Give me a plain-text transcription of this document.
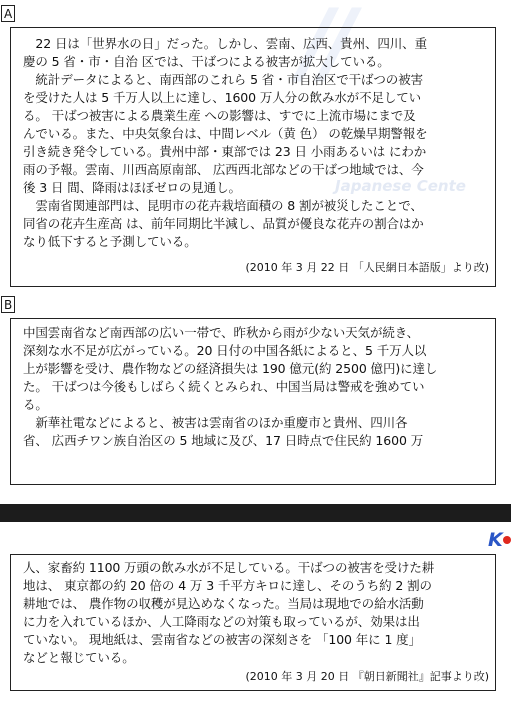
//
Japanese Cente
A

　22 日は「世界水の日」だった。しかし、雲南、広西、貴州、四川、重
慶の 5 省・市・自治 区では、干ばつによる被害が拡大している。

　統計データによると、南西部のこれら 5 省・市自治区で干ばつの被害
を受けた人は 5 千万人以上に達し、1600 万人分の飲み水が不足してい
る。 干ばつ被害による農業生産 への影響は、すでに上流市場にまで及
んでいる。また、中央気象台は、中間レベル（黄 色） の乾燥早期警報を
引き続き発令している。貴州中部・東部では 23 日 小雨あるいは にわか
雨の予報。雲南、川西高原南部、 広西西北部などの干ばつ地域では、今
後 3 日 間、降雨はほぼゼロの見通し。

　雲南省関連部門は、昆明市の花卉栽培面積の 8 割が被災したことで、
同省の花卉生産高 は、前年同期比半減し、品質が優良な花卉の割合はか
なり低下すると予測している。

(2010 年 3 月 22 日 「人民網日本語版」より改)
B

中国雲南省など南西部の広い一帯で、昨秋から雨が少ない天気が続き、
深刻な水不足が広がっている。20 日付の中国各紙によると、5 千万人以
上が影響を受け、農作物などの経済損失は 190 億元(約 2500 億円)に達し
た。 干ばつは今後もしばらく続くとみられ、中国当局は警戒を強めてい
る。

　新華社電などによると、被害は雲南省のほか重慶市と貴州、四川各
省、 広西チワン族自治区の 5 地域に及び、17 日時点で住民約 1600 万

K

人、家畜約 1100 万頭の飲み水が不足している。干ばつの被害を受けた耕
地は、 東京都の約 20 倍の 4 万 3 千平方キロに達し、そのうち約 2 割の
耕地では、 農作物の収穫が見込めなくなった。当局は現地での給水活動
に力を入れているほか、人工降雨などの対策も取っているが、効果は出
ていない。 現地紙は、雲南省などの被害の深刻さを 「100 年に 1 度」
などと報じている。

(2010 年 3 月 20 日 『朝日新聞社』記事より改)
